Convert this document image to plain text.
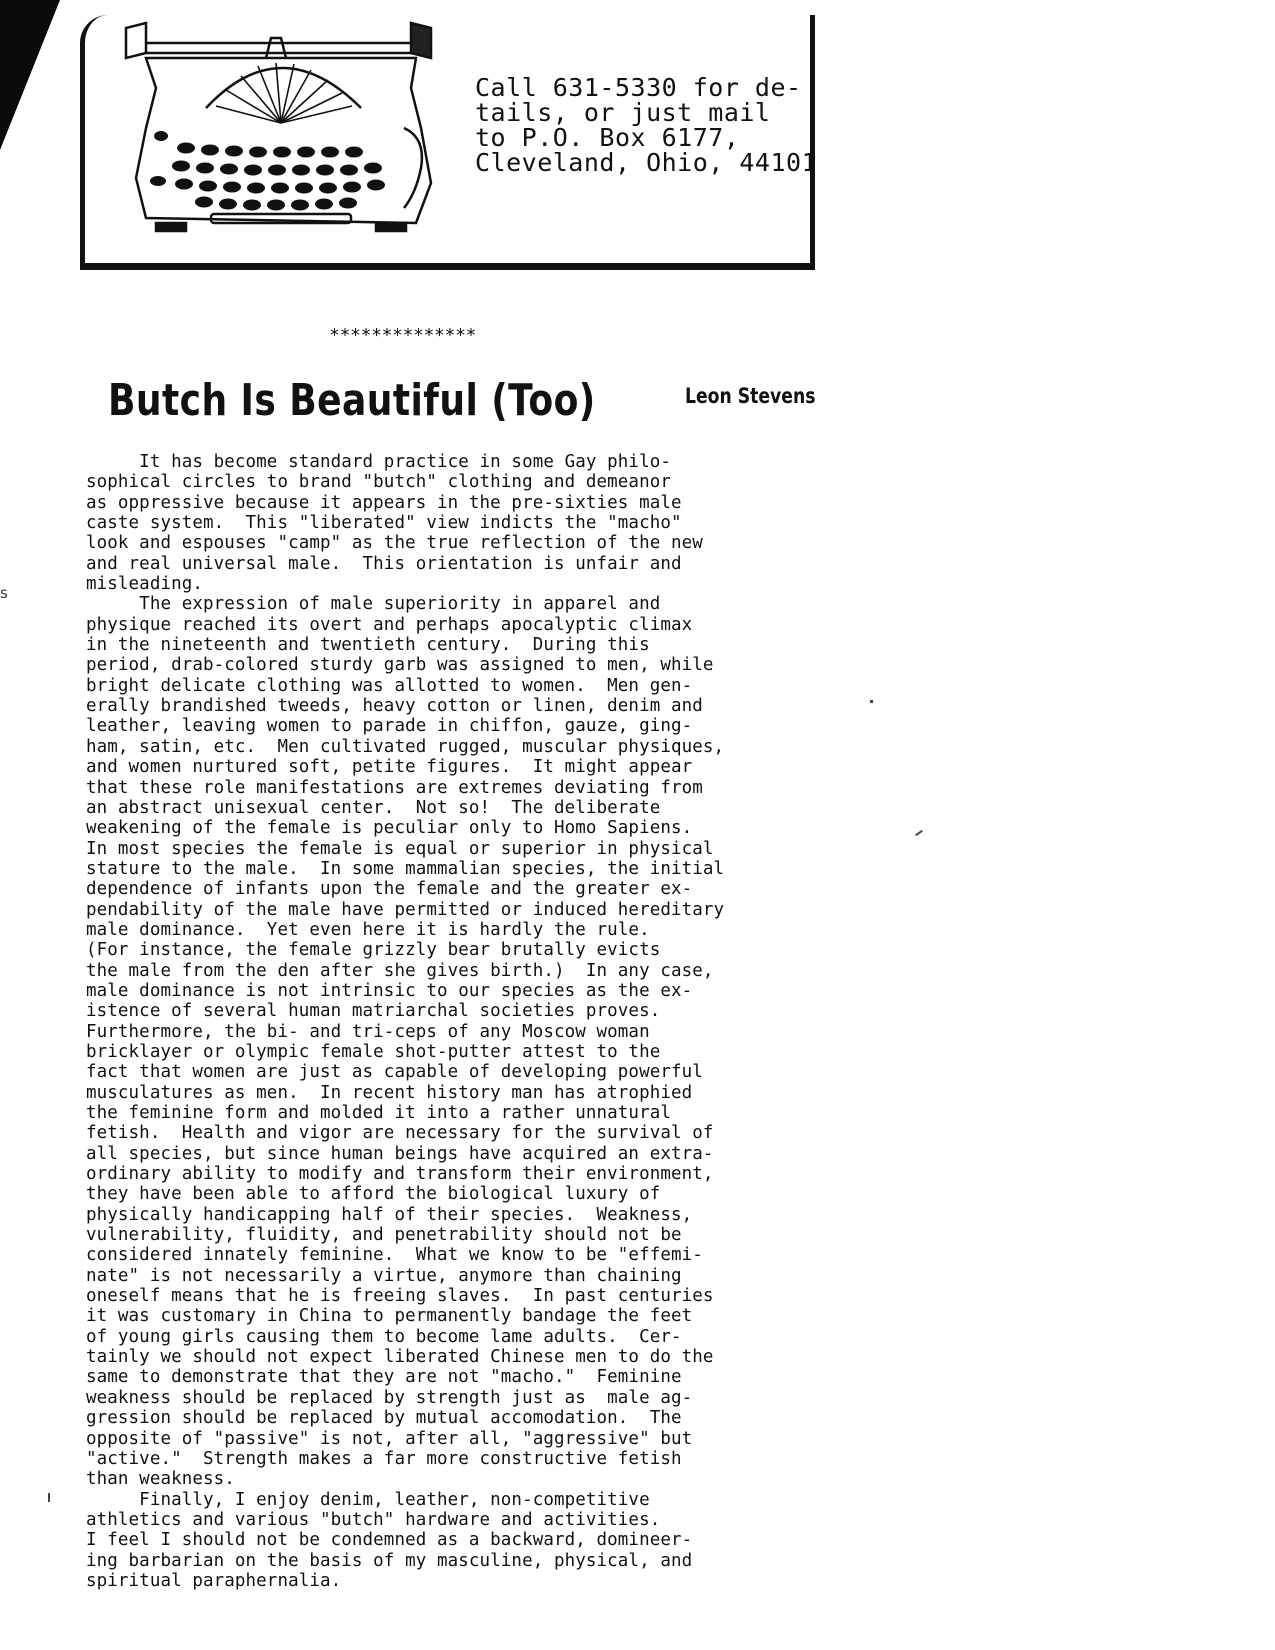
Call 631-5330 for de-
tails, or just mail
to P.O. Box 6177,
Cleveland, Ohio, 44101
**************
Butch Is Beautiful (Too)	Leon Stevens
s
It has become standard practice in some Gay philo-
sophical circles to brand "butch" clothing and demeanor
as oppressive because it appears in the pre-sixties male
caste system.  This "liberated" view indicts the "macho"
look and espouses "camp" as the true reflection of the new
and real universal male.  This orientation is unfair and
misleading.
The expression of male superiority in apparel and
physique reached its overt and perhaps apocalyptic climax
in the nineteenth and twentieth century.  During this
period, drab-colored sturdy garb was assigned to men, while
bright delicate clothing was allotted to women.  Men gen-
erally brandished tweeds, heavy cotton or linen, denim and
leather, leaving women to parade in chiffon, gauze, ging-
ham, satin, etc.  Men cultivated rugged, muscular physiques,
and women nurtured soft, petite figures.  It might appear
that these role manifestations are extremes deviating from
an abstract unisexual center.  Not so!  The deliberate
weakening of the female is peculiar only to Homo Sapiens.
In most species the female is equal or superior in physical
stature to the male.  In some mammalian species, the initial
dependence of infants upon the female and the greater ex-
pendability of the male have permitted or induced hereditary
male dominance.  Yet even here it is hardly the rule.
(For instance, the female grizzly bear brutally evicts
the male from the den after she gives birth.)  In any case,
male dominance is not intrinsic to our species as the ex-
istence of several human matriarchal societies proves.
Furthermore, the bi- and tri-ceps of any Moscow woman
bricklayer or olympic female shot-putter attest to the
fact that women are just as capable of developing powerful
musculatures as men.  In recent history man has atrophied
the feminine form and molded it into a rather unnatural
fetish.  Health and vigor are necessary for the survival of
all species, but since human beings have acquired an extra-
ordinary ability to modify and transform their environment,
they have been able to afford the biological luxury of
physically handicapping half of their species.  Weakness,
vulnerability, fluidity, and penetrability should not be
considered innately feminine.  What we know to be "effemi-
nate" is not necessarily a virtue, anymore than chaining
oneself means that he is freeing slaves.  In past centuries
it was customary in China to permanently bandage the feet
of young girls causing them to become lame adults.  Cer-
tainly we should not expect liberated Chinese men to do the
same to demonstrate that they are not "macho."  Feminine
weakness should be replaced by strength just as  male ag-
gression should be replaced by mutual accomodation.  The
opposite of "passive" is not, after all, "aggressive" but
"active."  Strength makes a far more constructive fetish
than weakness.
Finally, I enjoy denim, leather, non-competitive
athletics and various "butch" hardware and activities.
I feel I should not be condemned as a backward, domineer-
ing barbarian on the basis of my masculine, physical, and
spiritual paraphernalia.
